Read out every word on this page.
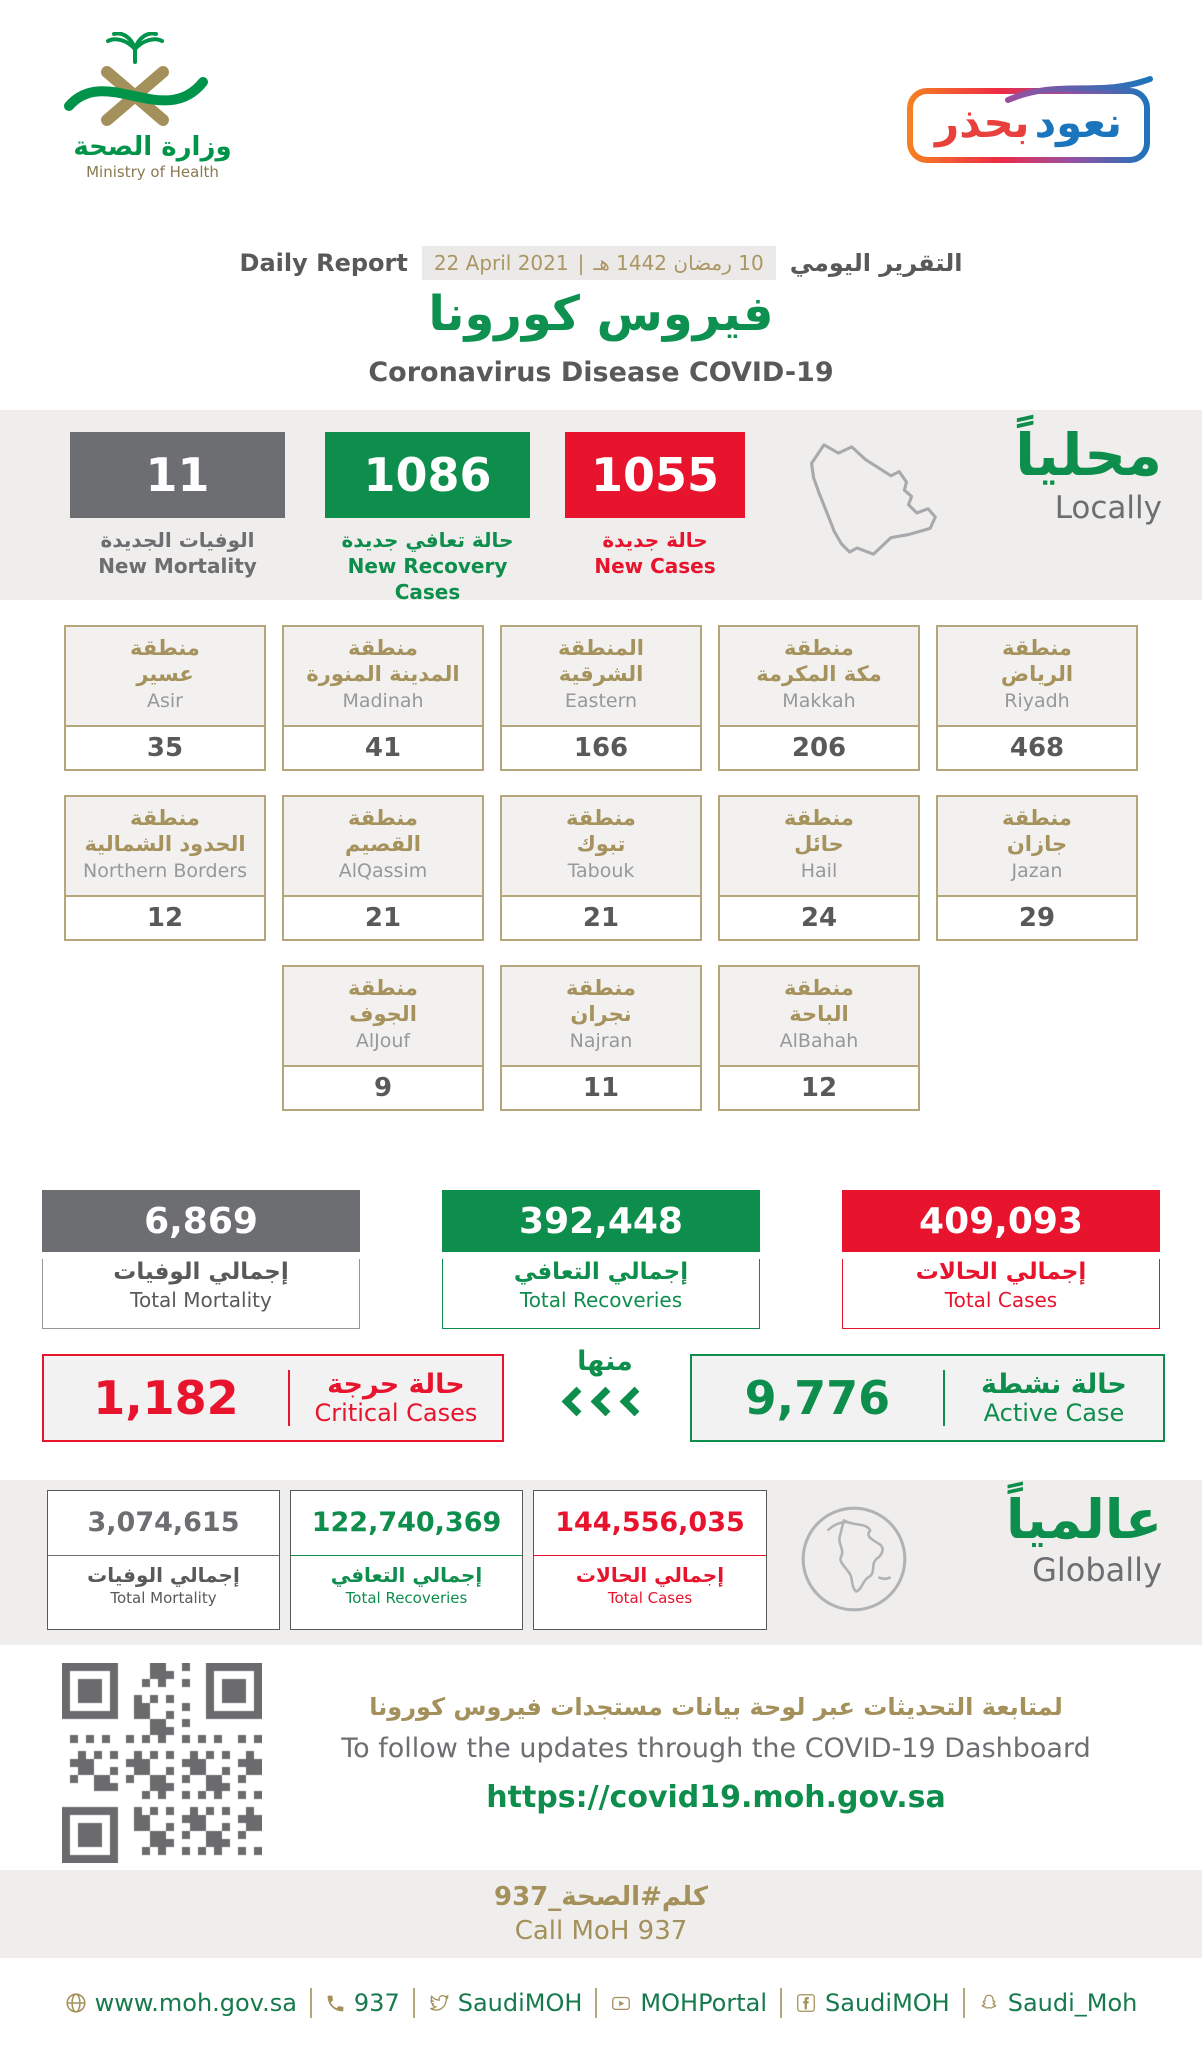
وزارة الصحة
Ministry of Health
نعود بحذر
Daily Report 22 April 2021 | 10 رمضان 1442 هـ التقرير اليومي
فيروس كورونا
Coronavirus Disease COVID-19
11
الوفيات الجديدة
New Mortality
1086
حالة تعافي جديدة
New Recovery Cases
1055
حالة جديدة
New Cases
محلياً
Locally
منطقة
عسير
Asir
35
منطقة
المدينة المنورة
Madinah
41
المنطقة
الشرقية
Eastern
166
منطقة
مكة المكرمة
Makkah
206
منطقة
الرياض
Riyadh
468
منطقة
الحدود الشمالية
Northern Borders
12
منطقة
القصيم
AlQassim
21
منطقة
تبوك
Tabouk
21
منطقة
حائل
Hail
24
منطقة
جازان
Jazan
29
منطقة
الجوف
AlJouf
9
منطقة
نجران
Najran
11
منطقة
الباحة
AlBahah
12
6,869
إجمالي الوفيات
Total Mortality
392,448
إجمالي التعافي
Total Recoveries
409,093
إجمالي الحالات
Total Cases
1,182	حالة حرجة
Critical Cases
منها
9,776	حالة نشطة
Active Case
3,074,615
إجمالي الوفيات
Total Mortality
122,740,369
إجمالي التعافي
Total Recoveries
144,556,035
إجمالي الحالات
Total Cases
عالمياً
Globally
لمتابعة التحديثات عبر لوحة بيانات مستجدات فيروس كورونا
To follow the updates through the COVID-19 Dashboard
https://covid19.moh.gov.sa
كلم#الصحة_937
Call MoH 937
www.moh.gov.sa 937 SaudiMOH MOHPortal SaudiMOH Saudi_Moh
